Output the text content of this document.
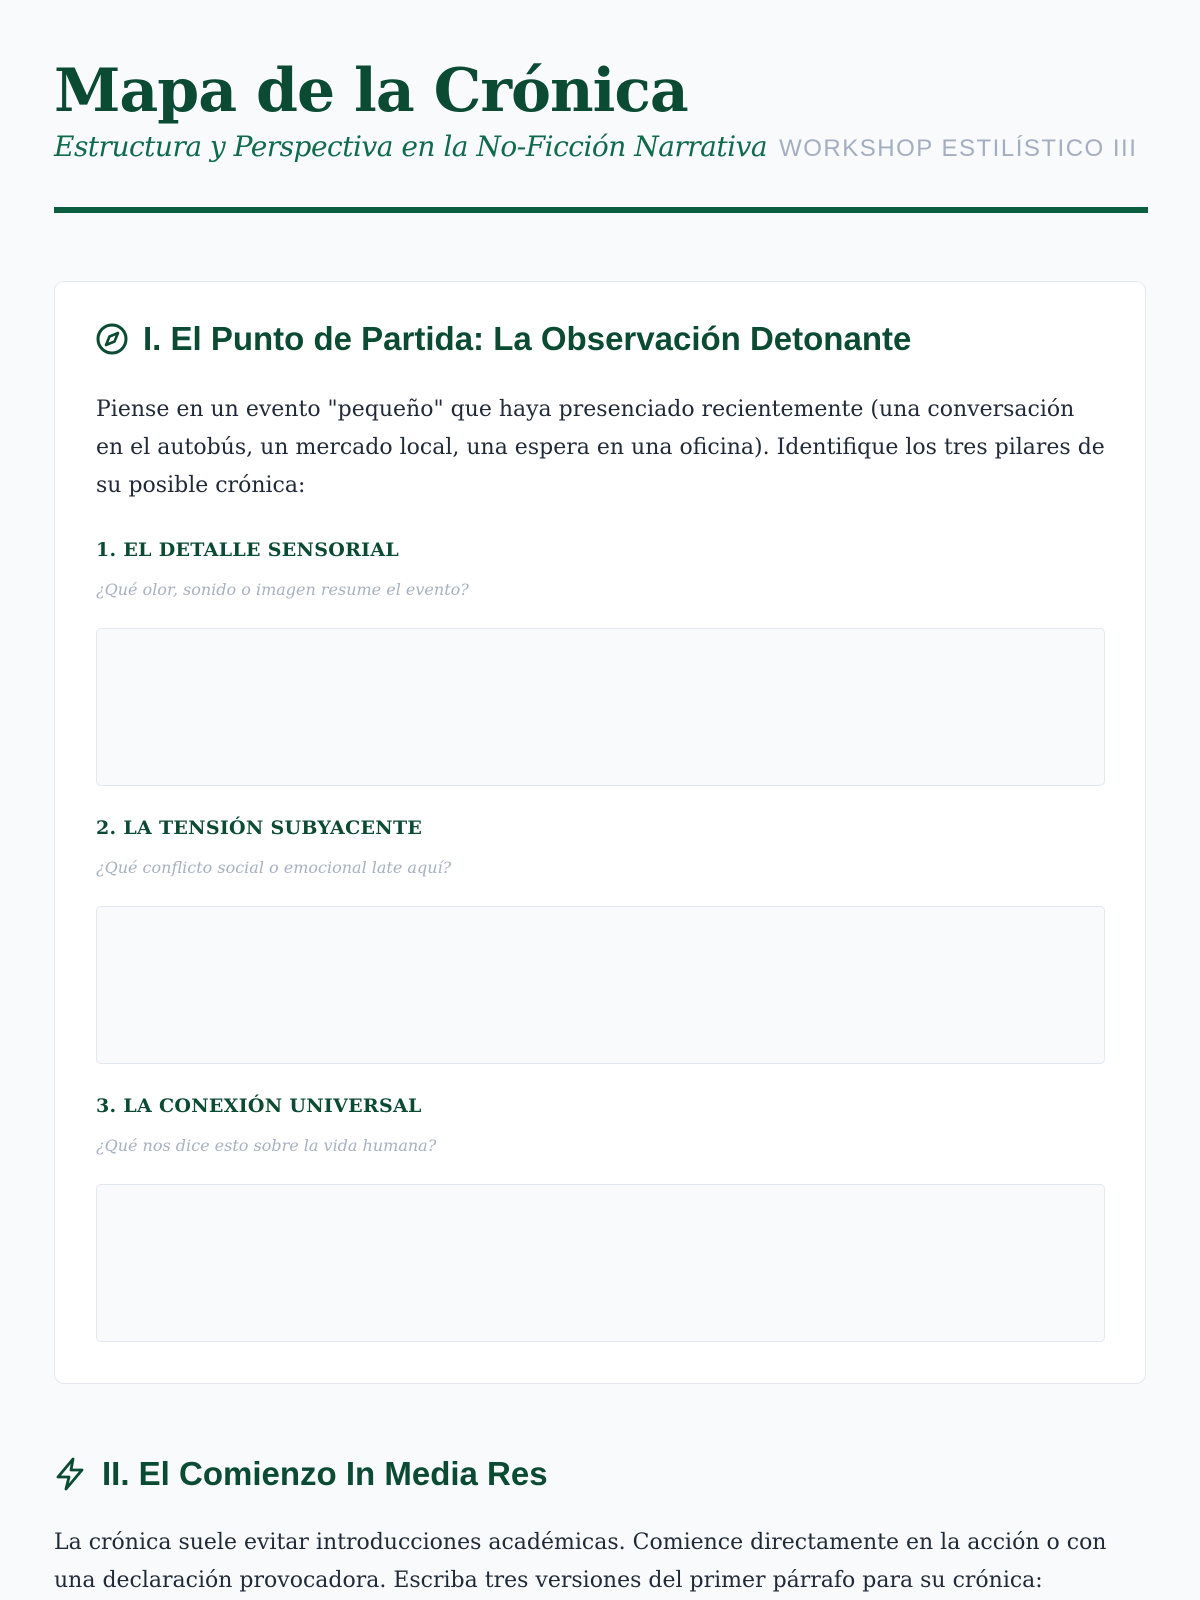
Mapa de la Crónica
Estructura y Perspectiva en la No-Ficción Narrativa WORKSHOP ESTILÍSTICO III
I. El Punto de Partida: La Observación Detonante

Piense en un evento "pequeño" que haya presenciado recientemente (una conversación en el autobús, un mercado local, una espera en una oficina). Identifique los tres pilares de su posible crónica:

1. EL DETALLE SENSORIAL
¿Qué olor, sonido o imagen resume el evento?
2. LA TENSIÓN SUBYACENTE
¿Qué conflicto social o emocional late aquí?
3. LA CONEXIÓN UNIVERSAL
¿Qué nos dice esto sobre la vida humana?
II. El Comienzo In Media Res

La crónica suele evitar introducciones académicas. Comience directamente en la acción o con una declaración provocadora. Escriba tres versiones del primer párrafo para su crónica:
